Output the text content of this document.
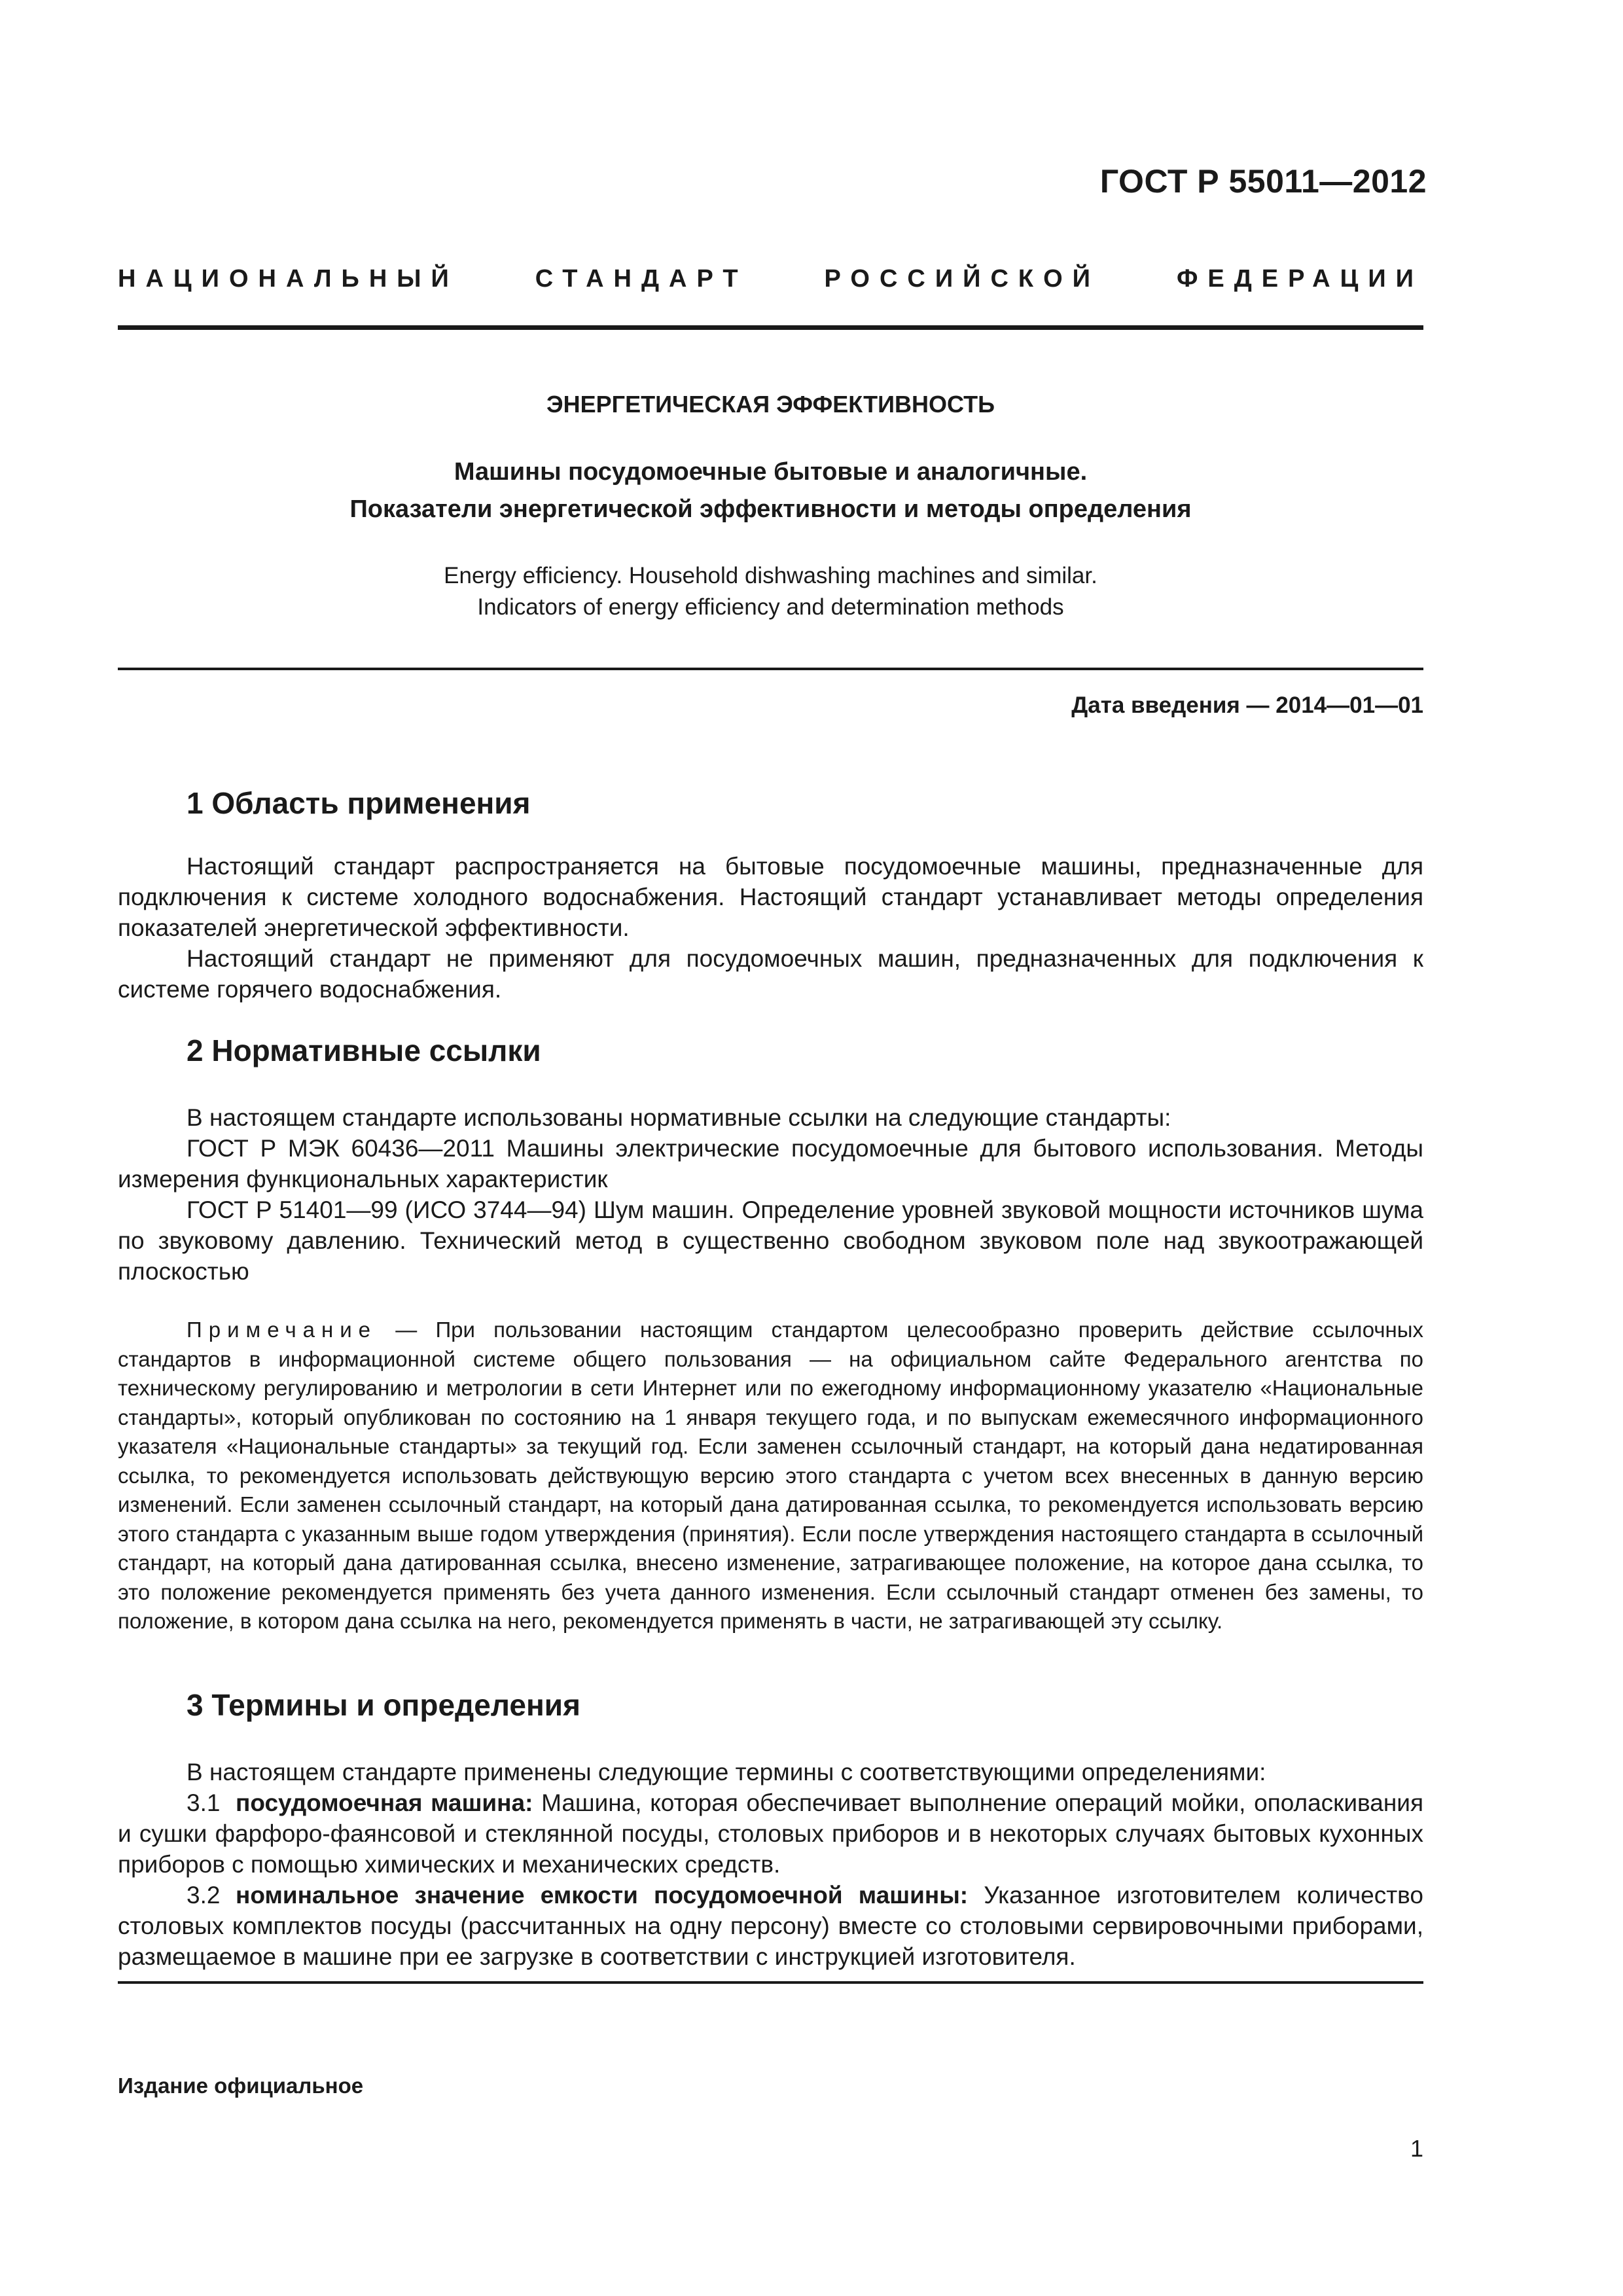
ГОСТ Р 55011—2012
НАЦИОНАЛЬНЫЙ	СТАНДАРТ	РОССИЙСКОЙ	ФЕДЕРАЦИИ
ЭНЕРГЕТИЧЕСКАЯ ЭФФЕКТИВНОСТЬ
Машины посудомоечные бытовые и аналогичные.
Показатели энергетической эффективности и методы определения
Energy efficiency. Household dishwashing machines and similar.
Indicators of energy efficiency and determination methods
Дата введения — 2014—01—01
1 Область применения
Настоящий стандарт распространяется на бытовые посудомоечные машины, предназначенные для подключения к системе холодного водоснабжения. Настоящий стандарт устанавливает методы определения показателей энергетической эффективности.
Настоящий стандарт не применяют для посудомоечных машин, предназначенных для подключения к системе горячего водоснабжения.
2 Нормативные ссылки
В настоящем стандарте использованы нормативные ссылки на следующие стандарты:
ГОСТ Р МЭК 60436—2011 Машины электрические посудомоечные для бытового использования. Методы измерения функциональных характеристик
ГОСТ Р 51401—99 (ИСО 3744—94) Шум машин. Определение уровней звуковой мощности источников шума по звуковому давлению. Технический метод в существенно свободном звуковом поле над звукоотражающей плоскостью
Примечание — При пользовании настоящим стандартом целесообразно проверить действие ссылочных стандартов в информационной системе общего пользования — на официальном сайте Федерального агентства по техническому регулированию и метрологии в сети Интернет или по ежегодному информационному указателю «Национальные стандарты», который опубликован по состоянию на 1 января текущего года, и по выпускам ежемесячного информационного указателя «Национальные стандарты» за текущий год. Если заменен ссылочный стандарт, на который дана недатированная ссылка, то рекомендуется использовать действующую версию этого стандарта с учетом всех внесенных в данную версию изменений. Если заменен ссылочный стандарт, на который дана датированная ссылка, то рекомендуется использовать версию этого стандарта с указанным выше годом утверждения (принятия). Если после утверждения настоящего стандарта в ссылочный стандарт, на который дана датированная ссылка, внесено изменение, затрагивающее положение, на которое дана ссылка, то это положение рекомендуется применять без учета данного изменения. Если ссылочный стандарт отменен без замены, то положение, в котором дана ссылка на него, рекомендуется применять в части, не затрагивающей эту ссылку.
3 Термины и определения
В настоящем стандарте применены следующие термины с соответствующими определениями:
3.1 посудомоечная машина: Машина, которая обеспечивает выполнение операций мойки, ополаскивания и сушки фарфоро-фаянсовой и стеклянной посуды, столовых приборов и в некоторых случаях бытовых кухонных приборов с помощью химических и механических средств.
3.2 номинальное значение емкости посудомоечной машины: Указанное изготовителем количество столовых комплектов посуды (рассчитанных на одну персону) вместе со столовыми сервировочными приборами, размещаемое в машине при ее загрузке в соответствии с инструкцией изготовителя.
Издание официальное
1
